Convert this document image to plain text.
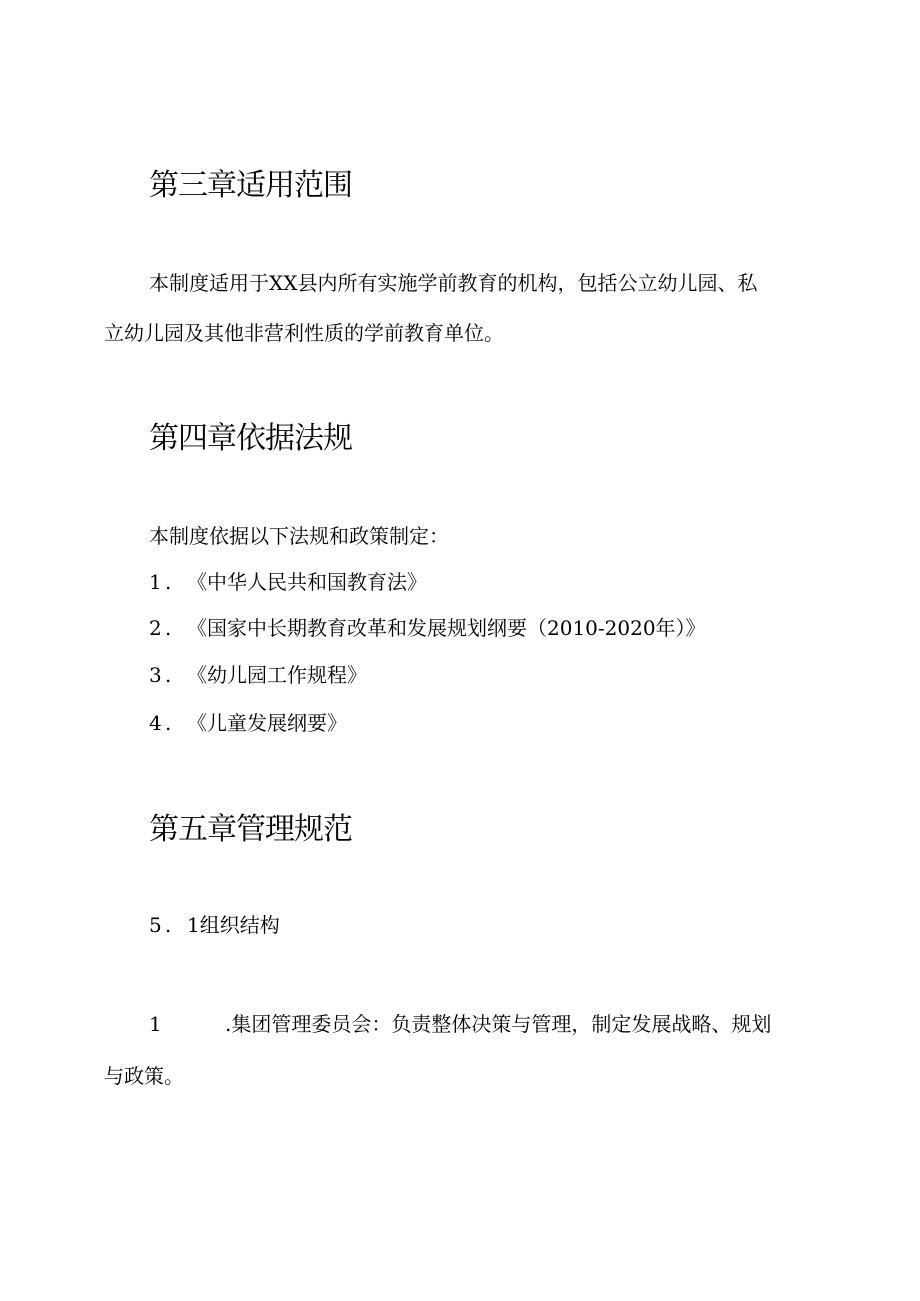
第三章适用范围

本制度适用于XX县内所有实施学前教育的机构，包括公立幼儿园、私

立幼儿园及其他非营利性质的学前教育单位。

第四章依据法规

本制度依据以下法规和政策制定：

1 . 《中华人民共和国教育法》
2 . 《国家中长期教育改革和发展规划纲要（2010-2020年）》
3 . 《幼儿园工作规程》
4 . 《儿童发展纲要》
第五章管理规范
5 . 1组织结构
1	.集团管理委员会：负责整体决策与管理，制定发展战略、规划

与政策。
